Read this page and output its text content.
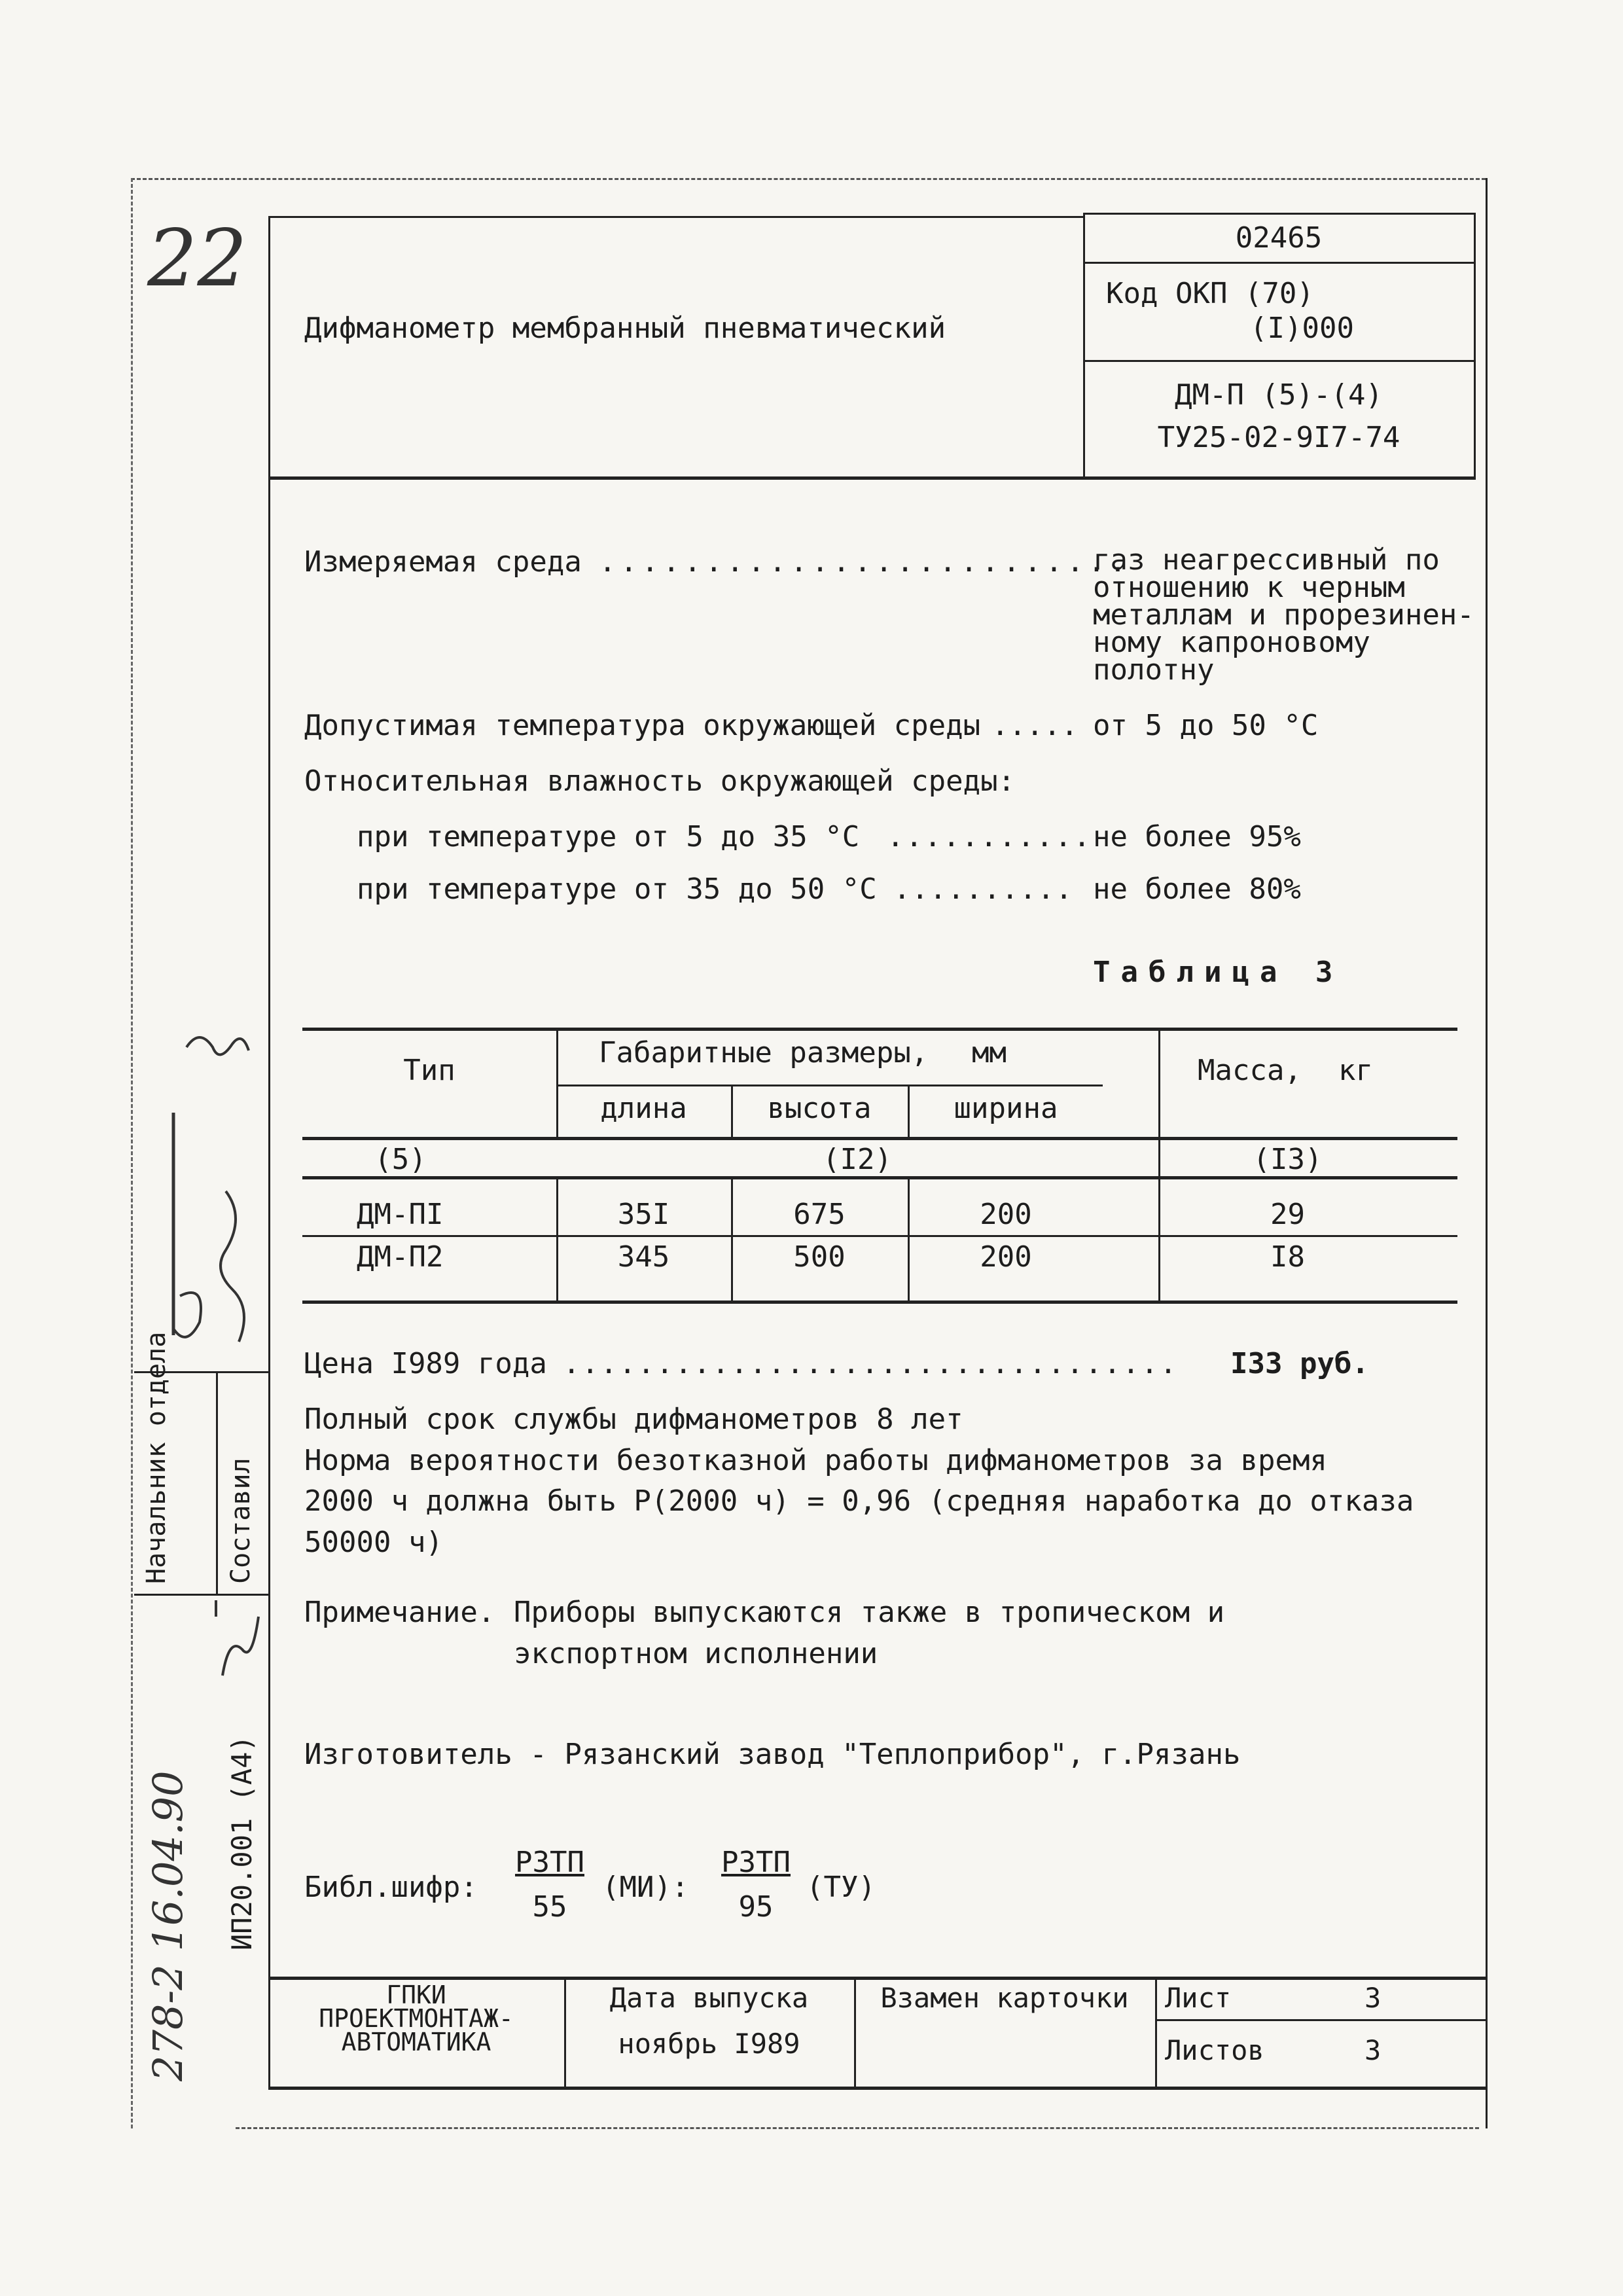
22
Дифманометр мембранный пневматический
02465
Код ОКП (70)
(I)000
ДМ-П (5)-(4)
ТУ25-02-9I7-74
Измеряемая среда .........................
газ неагрессивный по
отношению к черным
металлам и прорезинен-
ному капроновому
полотну
Допустимая температура окружающей среды ..... от 5 до 50 °С
Относительная влажность окружающей среды:
при температуре от 5 до 35 °С ........... не более 95%
при температуре от 35 до 50 °С .......... не более 80%
Таблица 3
Тип
Габаритные размеры, мм
длина	высота	ширина
Масса, кг
(5)	(I2)	(I3)
ДМ-ПI	35I	675	200	29
ДМ-П2	345	500	200	I8
Цена I989 года ................................. I33 руб.
Полный срок службы дифманометров 8 лет
Норма вероятности безотказной работы дифманометров за время
2000 ч должна быть Р(2000 ч) = 0,96 (средняя наработка до отказа
50000 ч)
Примечание. Приборы выпускаются также в тропическом и
экспортном исполнении
Изготовитель - Рязанский завод "Теплоприбор", г.Рязань
Библ.шифр:
РЗТП
55
(МИ):
РЗТП
95
(ТУ)
ГПКИ
ПРОЕКТМОНТАЖ-
АВТОМАТИКА
Дата выпуска
ноябрь I989
Взамен карточки	Лист	3
Листов	3
Начальник отдела Составил
ИП20.001 (А4)
278-2 16.04.90
